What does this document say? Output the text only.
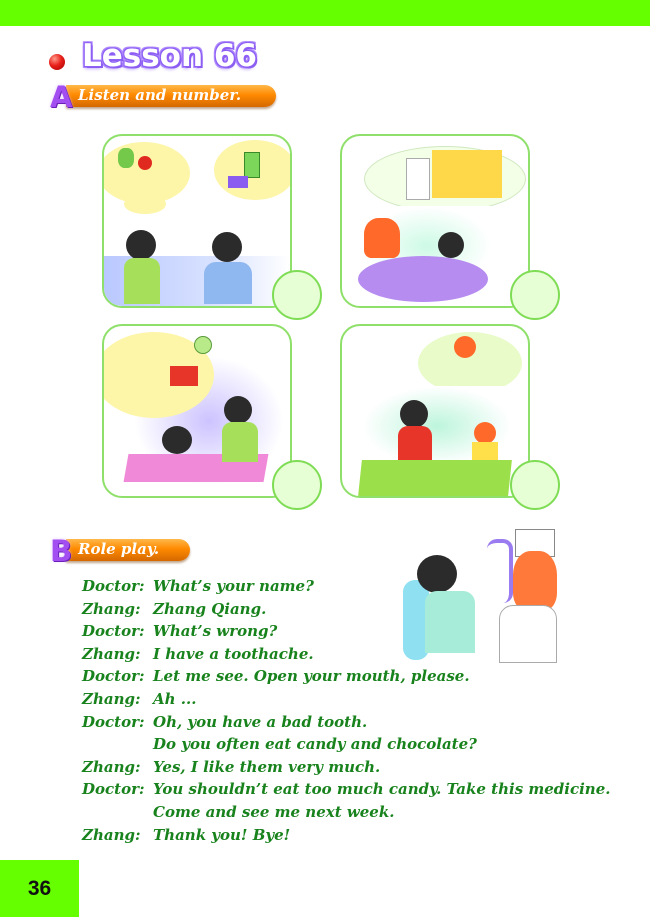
Lesson 66
Listen and number.
A
Role play.
B
Doctor: What’s your name?
Zhang: Zhang Qiang.
Doctor: What’s wrong?
Zhang: I have a toothache.
Doctor: Let me see. Open your mouth, please.
Zhang: Ah ...
Doctor: Oh, you have a bad tooth.
Do you often eat candy and chocolate?
Zhang: Yes, I like them very much.
Doctor: You shouldn’t eat too much candy. Take this medicine.
Come and see me next week.
Zhang: Thank you! Bye!
36
